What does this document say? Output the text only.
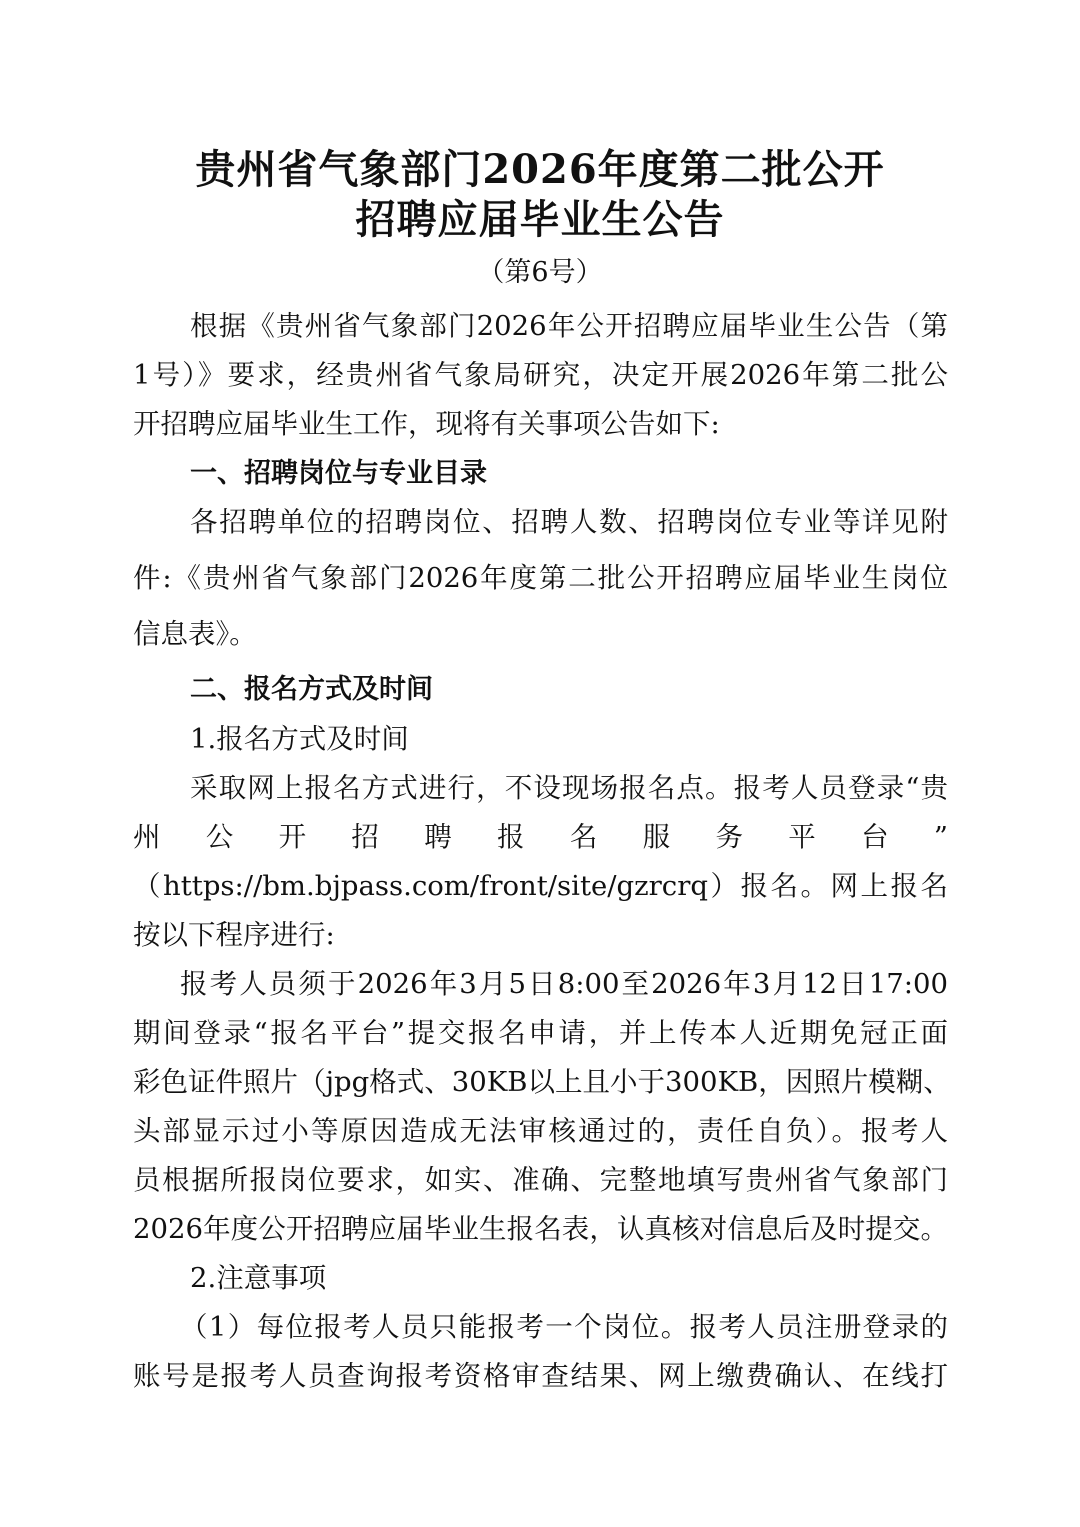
贵州省气象部门2026年度第二批公开
招聘应届毕业生公告
（第6号）
根据《贵州省气象部门2026年公开招聘应届毕业生公告（第
1号）》要求，经贵州省气象局研究，决定开展2026年第二批公
开招聘应届毕业生工作，现将有关事项公告如下:
一、招聘岗位与专业目录
各招聘单位的招聘岗位、招聘人数、招聘岗位专业等详见附
件:《贵州省气象部门2026年度第二批公开招聘应届毕业生岗位
信息表》。
二、报名方式及时间
1.报名方式及时间
采取网上报名方式进行，不设现场报名点。报考人员登录“贵
州 公 开 招 聘 报 名 服 务 平 台 ”
（https://bm.bjpass.com/front/site/gzrcrq）报名。网上报名
按以下程序进行:
报考人员须于2026年3月5日8:00至2026年3月12日17:00
期间登录“报名平台”提交报名申请，并上传本人近期免冠正面
彩色证件照片（jpg格式、30KB以上且小于300KB，因照片模糊、
头部显示过小等原因造成无法审核通过的，责任自负）。报考人
员根据所报岗位要求，如实、准确、完整地填写贵州省气象部门
2026年度公开招聘应届毕业生报名表，认真核对信息后及时提交。
2.注意事项
（1）每位报考人员只能报考一个岗位。报考人员注册登录的
账号是报考人员查询报考资格审查结果、网上缴费确认、在线打
